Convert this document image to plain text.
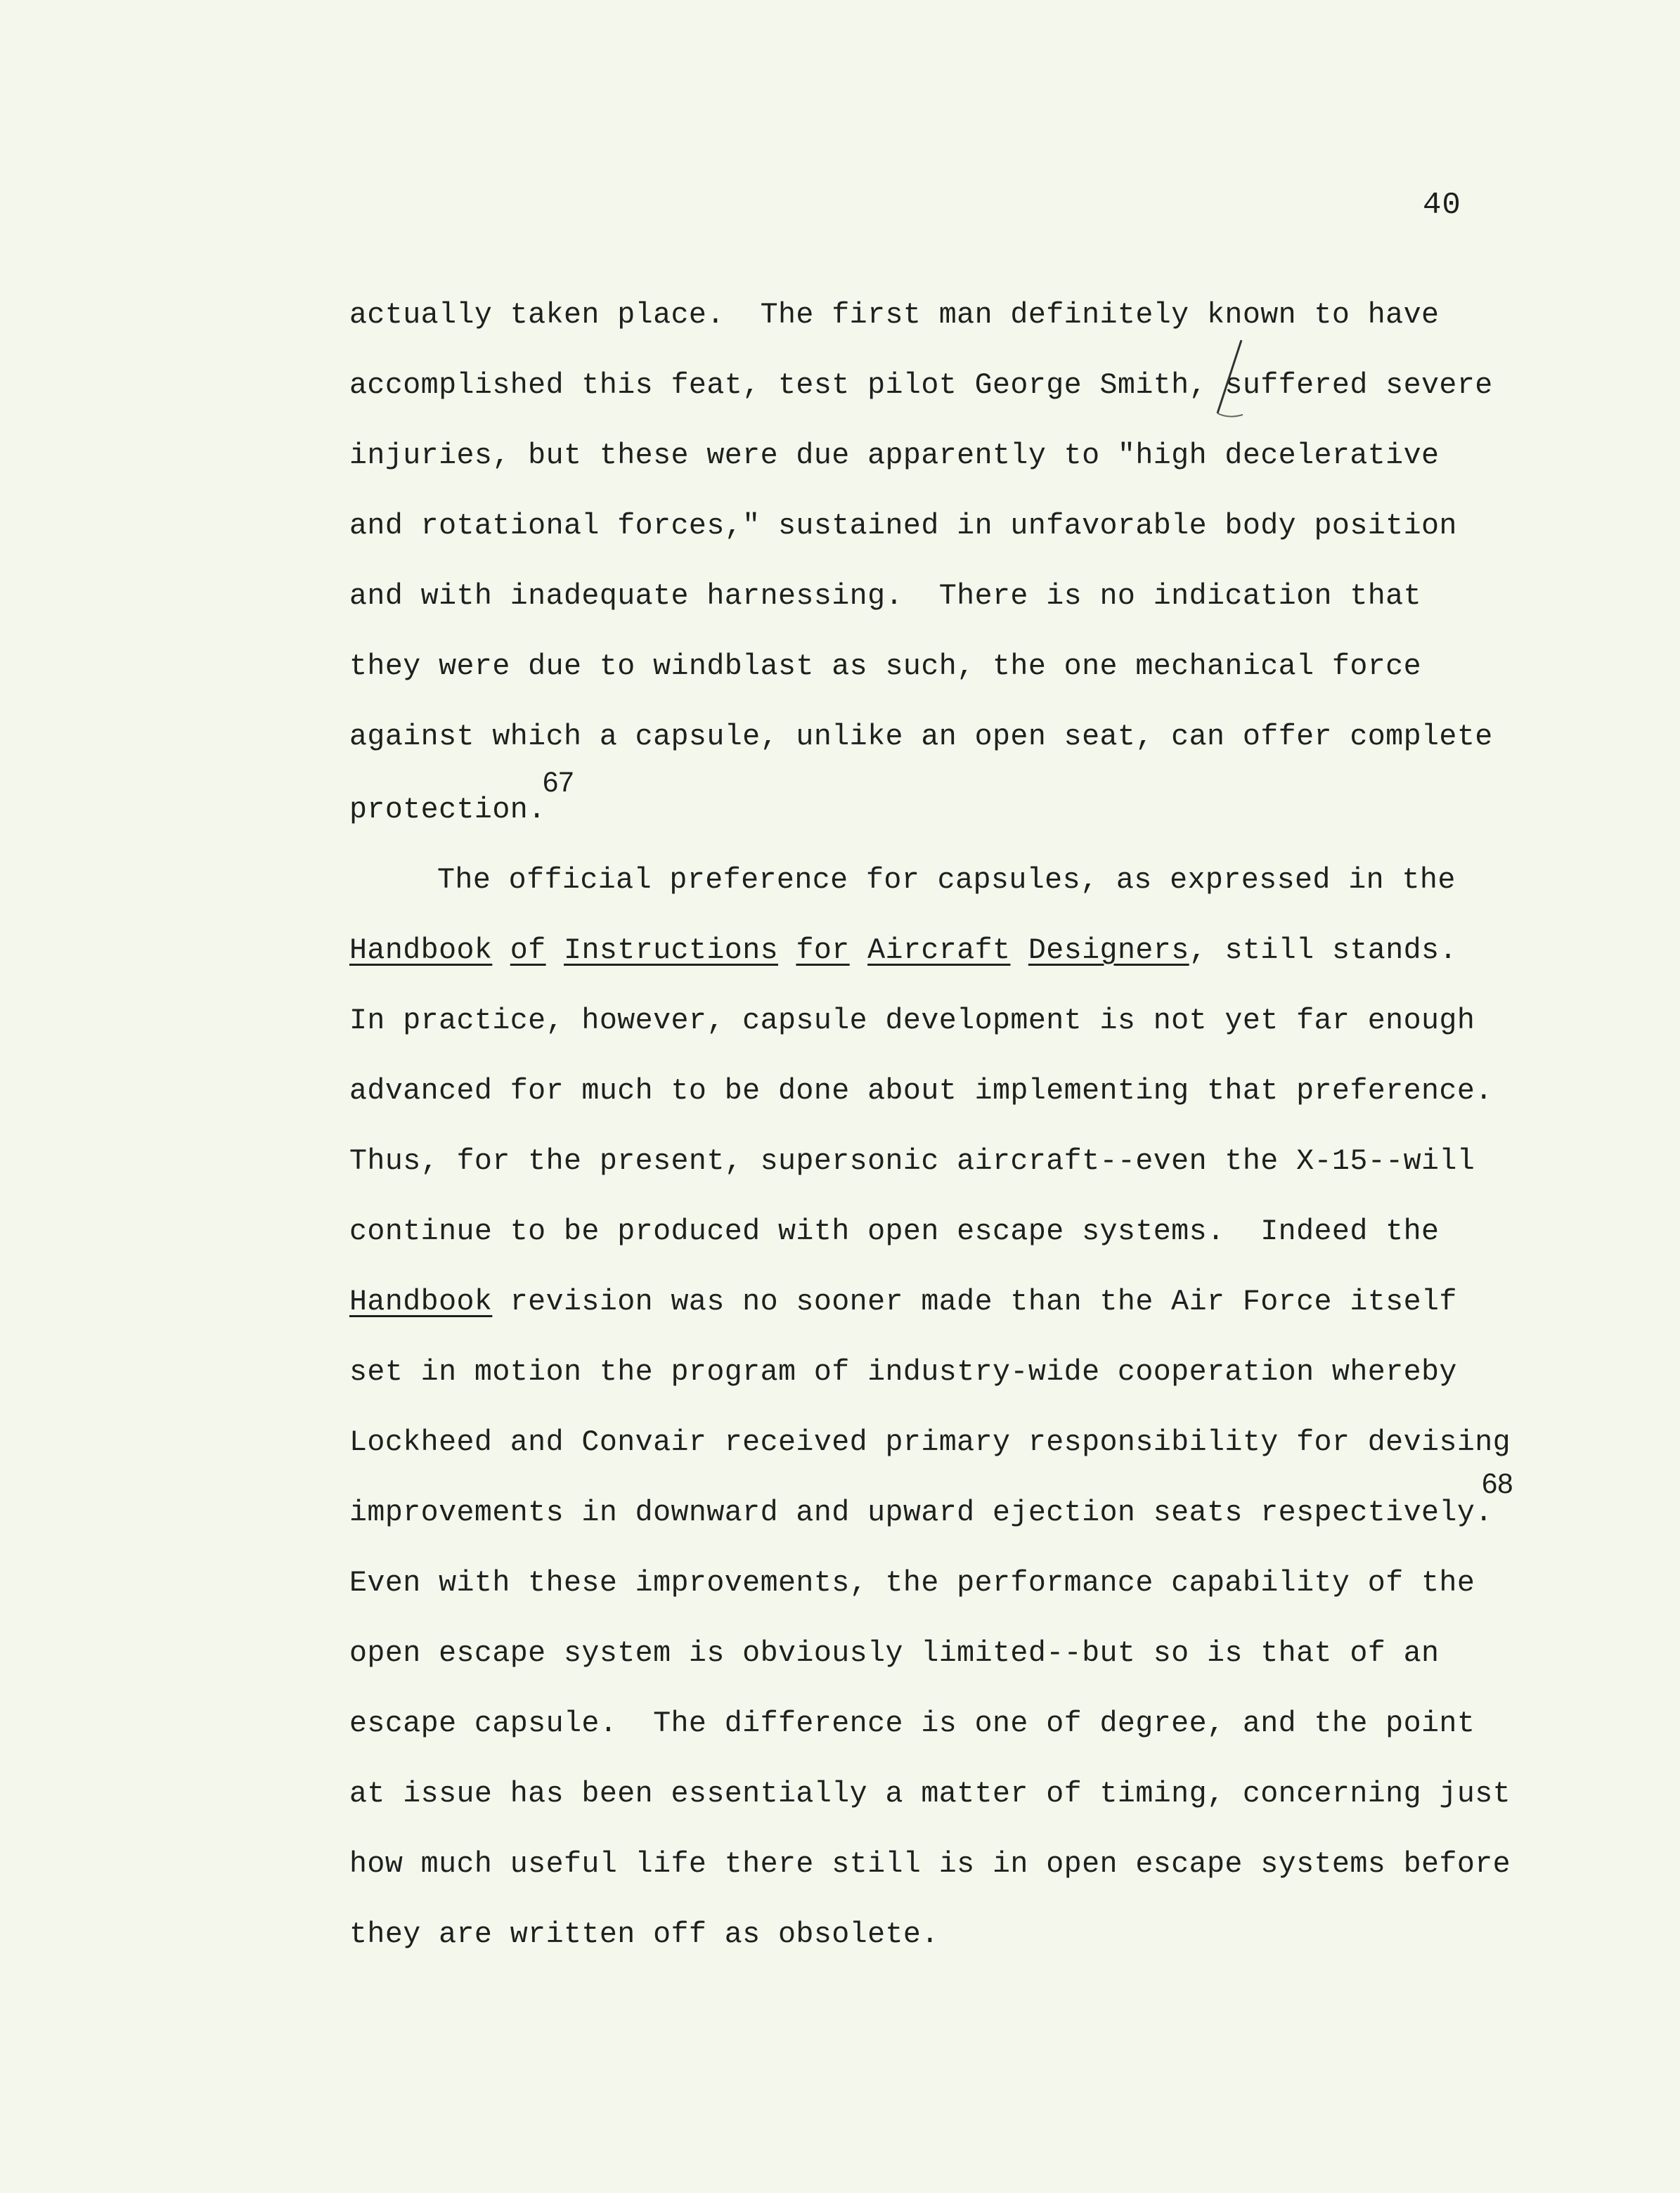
40
actually taken place.  The first man definitely known to have
accomplished this feat, test pilot George Smith, suffered severe
injuries, but these were due apparently to "high decelerative
and rotational forces," sustained in unfavorable body position
and with inadequate harnessing.  There is no indication that
they were due to windblast as such, the one mechanical force
against which a capsule, unlike an open seat, can offer complete
protection.
The official preference for capsules, as expressed in the
Handbook of Instructions for Aircraft Designers, still stands.
In practice, however, capsule development is not yet far enough
advanced for much to be done about implementing that preference.
Thus, for the present, supersonic aircraft--even the X-15--will
continue to be produced with open escape systems.  Indeed the
Handbook revision was no sooner made than the Air Force itself
set in motion the program of industry-wide cooperation whereby
Lockheed and Convair received primary responsibility for devising
improvements in downward and upward ejection seats respectively.
Even with these improvements, the performance capability of the
open escape system is obviously limited--but so is that of an
escape capsule.  The difference is one of degree, and the point
at issue has been essentially a matter of timing, concerning just
how much useful life there still is in open escape systems before
they are written off as obsolete.
67
68
